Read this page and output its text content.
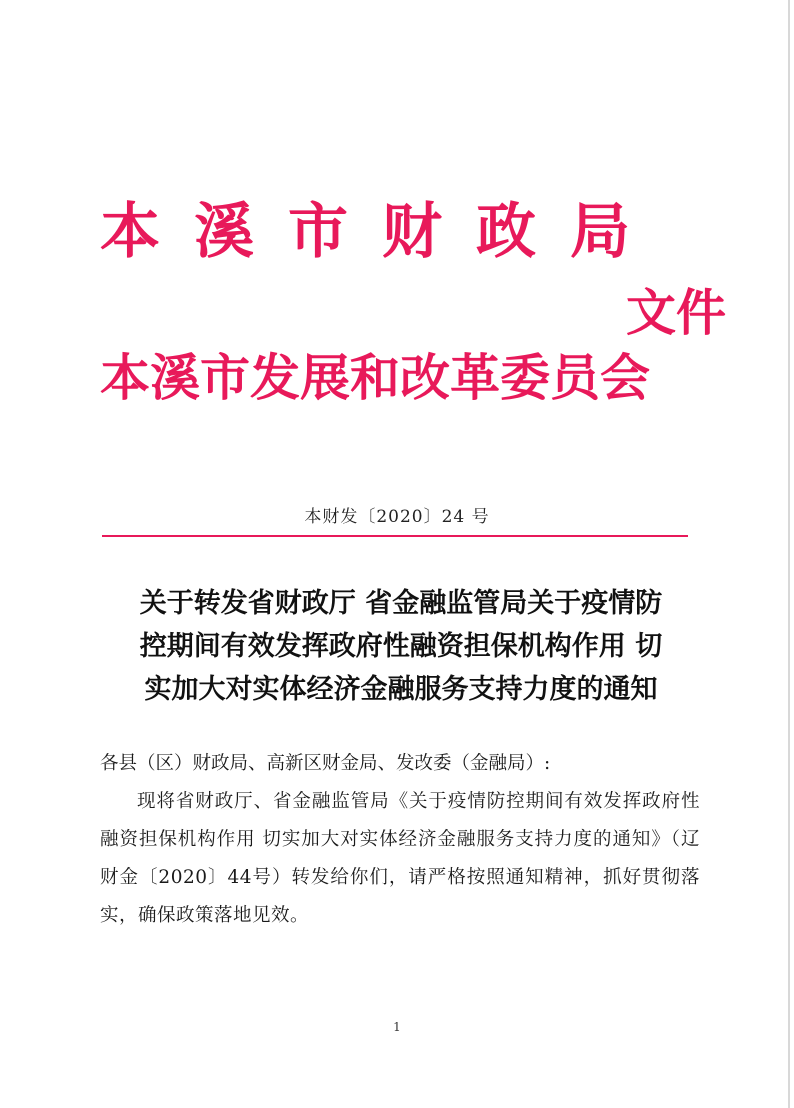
本 溪 市 财 政 局
文件
本溪市发展和改革委员会
本财发〔2020〕24 号
关于转发省财政厅 省金融监管局关于疫情防
控期间有效发挥政府性融资担保机构作用 切
实加大对实体经济金融服务支持力度的通知
各县（区）财政局、高新区财金局、发改委（金融局）:
现将省财政厅、省金融监管局《关于疫情防控期间有效发挥政府性融资担保机构作用 切实加大对实体经济金融服务支持力度的通知》（辽财金〔2020〕44号）转发给你们，请严格按照通知精神，抓好贯彻落实，确保政策落地见效。
1
